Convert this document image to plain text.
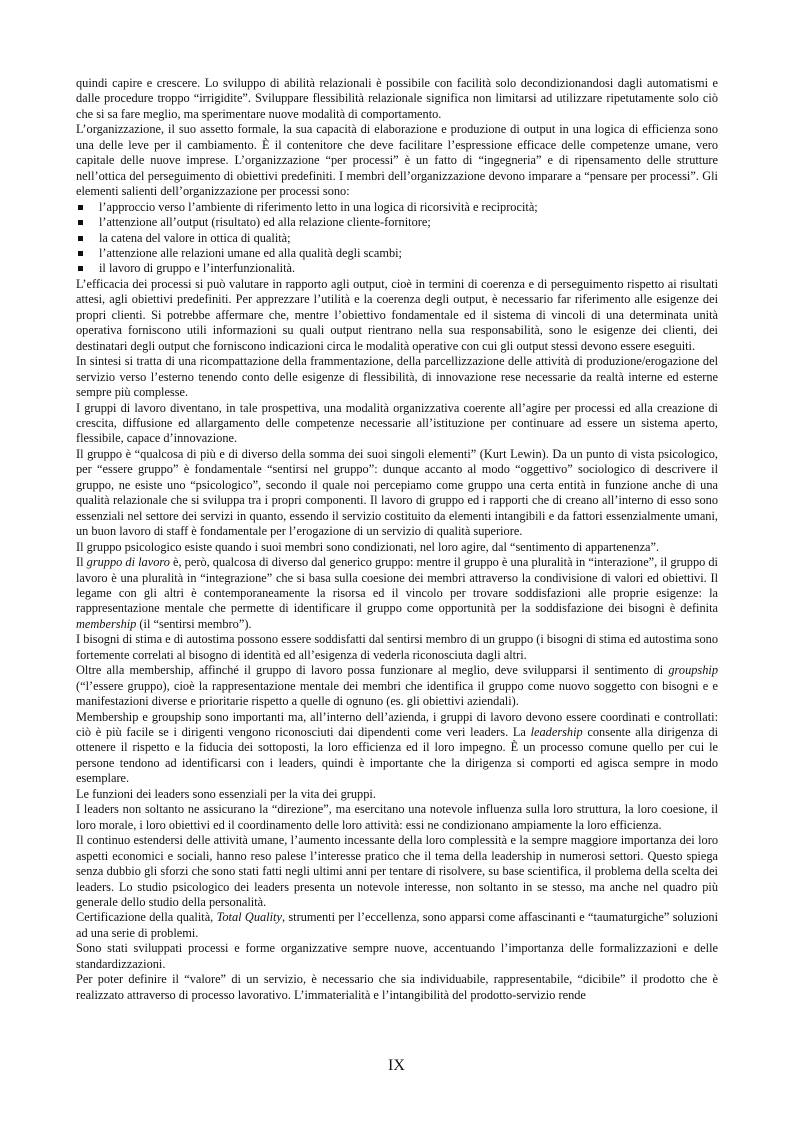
quindi capire e crescere. Lo sviluppo di abilità relazionali è possibile con facilità solo decondizionandosi dagli automatismi e dalle procedure troppo “irrigidite”. Sviluppare flessibilità relazionale significa non limitarsi ad utilizzare ripetutamente solo ciò che si sa fare meglio, ma sperimentare nuove modalità di comportamento.

L’organizzazione, il suo assetto formale, la sua capacità di elaborazione e produzione di output in una logica di efficienza sono una delle leve per il cambiamento. È il contenitore che deve facilitare l’espressione efficace delle competenze umane, vero capitale delle nuove imprese. L’organizzazione “per processi” è un fatto di “ingegneria” e di ripensamento delle strutture nell’ottica del perseguimento di obiettivi predefiniti. I membri dell’organizzazione devono imparare a “pensare per processi”. Gli elementi salienti dell’organizzazione per processi sono:

l’approccio verso l’ambiente di riferimento letto in una logica di ricorsività e reciprocità;
l’attenzione all’output (risultato) ed alla relazione cliente-fornitore;
la catena del valore in ottica di qualità;
l’attenzione alle relazioni umane ed alla qualità degli scambi;
il lavoro di gruppo e l’interfunzionalità.

L’efficacia dei processi si può valutare in rapporto agli output, cioè in termini di coerenza e di perseguimento rispetto ai risultati attesi, agli obiettivi predefiniti. Per apprezzare l’utilità e la coerenza degli output, è necessario far riferimento alle esigenze dei propri clienti. Si potrebbe affermare che, mentre l’obiettivo fondamentale ed il sistema di vincoli di una determinata unità operativa forniscono utili informazioni su quali output rientrano nella sua responsabilità, sono le esigenze dei clienti, dei destinatari degli output che forniscono indicazioni circa le modalità operative con cui gli output stessi devono essere eseguiti.

In sintesi si tratta di una ricompattazione della frammentazione, della parcellizzazione delle attività di produzione/erogazione del servizio verso l’esterno tenendo conto delle esigenze di flessibilità, di innovazione rese necessarie da realtà interne ed esterne sempre più complesse.

I gruppi di lavoro diventano, in tale prospettiva, una modalità organizzativa coerente all’agire per processi ed alla creazione di crescita, diffusione ed allargamento delle competenze necessarie all’istituzione per continuare ad essere un sistema aperto, flessibile, capace d’innovazione.

Il gruppo è “qualcosa di più e di diverso della somma dei suoi singoli elementi” (Kurt Lewin). Da un punto di vista psicologico, per “essere gruppo” è fondamentale “sentirsi nel gruppo”: dunque accanto al modo “oggettivo” sociologico di descrivere il gruppo, ne esiste uno “psicologico”, secondo il quale noi percepiamo come gruppo una certa entità in funzione anche di una qualità relazionale che si sviluppa tra i propri componenti. Il lavoro di gruppo ed i rapporti che di creano all’interno di esso sono essenziali nel settore dei servizi in quanto, essendo il servizio costituito da elementi intangibili e da fattori essenzialmente umani, un buon lavoro di staff è fondamentale per l’erogazione di un servizio di qualità superiore.

Il gruppo psicologico esiste quando i suoi membri sono condizionati, nel loro agire, dal “sentimento di appartenenza”.

Il gruppo di lavoro è, però, qualcosa di diverso dal generico gruppo: mentre il gruppo è una pluralità in “interazione”, il gruppo di lavoro è una pluralità in “integrazione” che si basa sulla coesione dei membri attraverso la condivisione di valori ed obiettivi. Il legame con gli altri è contemporaneamente la risorsa ed il vincolo per trovare soddisfazioni alle proprie esigenze: la rappresentazione mentale che permette di identificare il gruppo come opportunità per la soddisfazione dei bisogni è definita membership (il “sentirsi membro”).

I bisogni di stima e di autostima possono essere soddisfatti dal sentirsi membro di un gruppo (i bisogni di stima ed autostima sono fortemente correlati al bisogno di identità ed all’esigenza di vederla riconosciuta dagli altri.

Oltre alla membership, affinché il gruppo di lavoro possa funzionare al meglio, deve svilupparsi il sentimento di groupship (“l’essere gruppo), cioè la rappresentazione mentale dei membri che identifica il gruppo come nuovo soggetto con bisogni e e manifestazioni diverse e prioritarie rispetto a quelle di ognuno (es. gli obiettivi aziendali).

Membership e groupship sono importanti ma, all’interno dell’azienda, i gruppi di lavoro devono essere coordinati e controllati: ciò è più facile se i dirigenti vengono riconosciuti dai dipendenti come veri leaders. La leadership consente alla dirigenza di ottenere il rispetto e la fiducia dei sottoposti, la loro efficienza ed il loro impegno. È un processo comune quello per cui le persone tendono ad identificarsi con i leaders, quindi è importante che la dirigenza si comporti ed agisca sempre in modo esemplare.

Le funzioni dei leaders sono essenziali per la vita dei gruppi.

I leaders non soltanto ne assicurano la “direzione”, ma esercitano una notevole influenza sulla loro struttura, la loro coesione, il loro morale, i loro obiettivi ed il coordinamento delle loro attività: essi ne condizionano ampiamente la loro efficienza.

Il continuo estendersi delle attività umane, l’aumento incessante della loro complessità e la sempre maggiore importanza dei loro aspetti economici e sociali, hanno reso palese l’interesse pratico che il tema della leadership in numerosi settori. Questo spiega senza dubbio gli sforzi che sono stati fatti negli ultimi anni per tentare di risolvere, su base scientifica, il problema della scelta dei leaders. Lo studio psicologico dei leaders presenta un notevole interesse, non soltanto in se stesso, ma anche nel quadro più generale dello studio della personalità.

Certificazione della qualità, Total Quality, strumenti per l’eccellenza, sono apparsi come affascinanti e “taumaturgiche” soluzioni ad una serie di problemi.

Sono stati sviluppati processi e forme organizzative sempre nuove, accentuando l’importanza delle formalizzazioni e delle standardizzazioni.

Per poter definire il “valore” di un servizio, è necessario che sia individuabile, rappresentabile, “dicibile” il prodotto che è realizzato attraverso di processo lavorativo. L’immaterialità e l’intangibilità del prodotto-servizio rende

IX
